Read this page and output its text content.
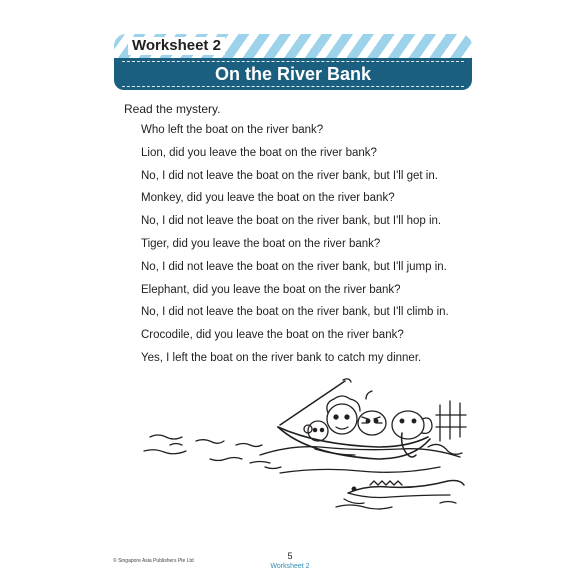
Worksheet 2
On the River Bank
Read the mystery.
Who left the boat on the river bank?
Lion, did you leave the boat on the river bank?
No, I did not leave the boat on the river bank, but I'll get in.
Monkey, did you leave the boat on the river bank?
No, I did not leave the boat on the river bank, but I'll hop in.
Tiger, did you leave the boat on the river bank?
No, I did not leave the boat on the river bank, but I'll jump in.
Elephant, did you leave the boat on the river bank?
No, I did not leave the boat on the river bank, but I'll climb in.
Crocodile, did you leave the boat on the river bank?
Yes, I left the boat on the river bank to catch my dinner.
© Singapore Asia Publishers Pte Ltd	5
Worksheet 2
